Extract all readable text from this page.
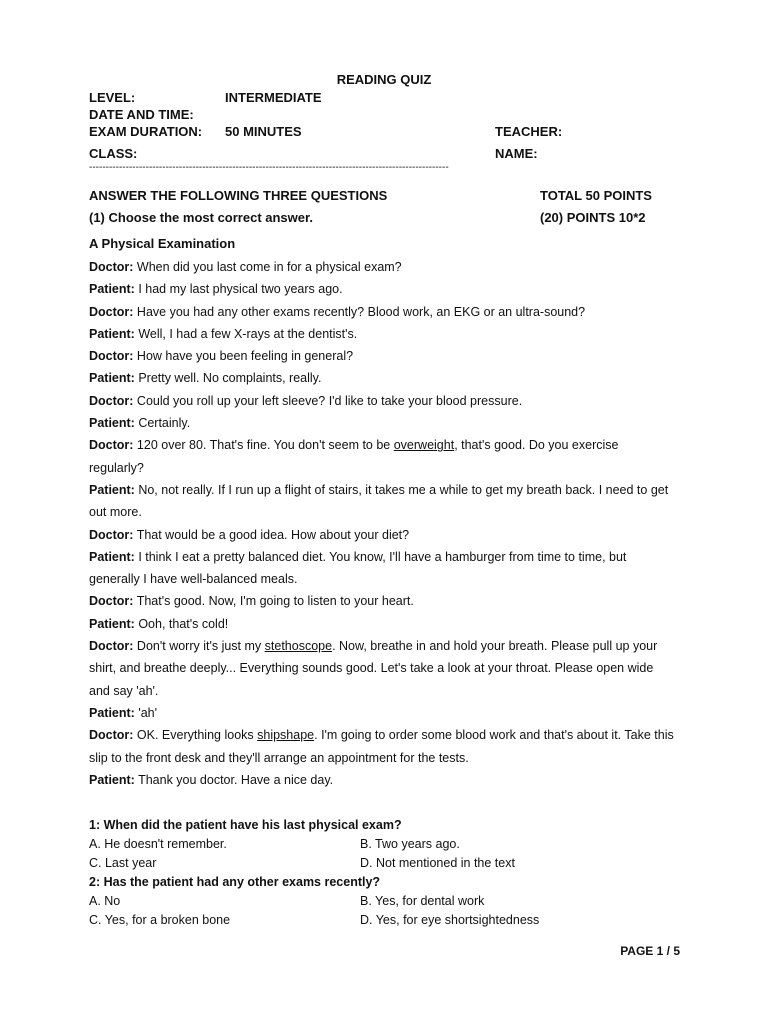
READING QUIZ
LEVEL:	INTERMEDIATE
DATE AND TIME:
EXAM DURATION: 50 MINUTES	TEACHER:
CLASS:	NAME:
------------------------------------------------------------------------------------------------------------
ANSWER THE FOLLOWING THREE QUESTIONS	TOTAL 50 POINTS
(1) Choose the most correct answer.	(20) POINTS 10*2
A Physical Examination
Doctor: When did you last come in for a physical exam?
Patient: I had my last physical two years ago.
Doctor: Have you had any other exams recently? Blood work, an EKG or an ultra-sound?
Patient: Well, I had a few X-rays at the dentist's.
Doctor: How have you been feeling in general?
Patient: Pretty well. No complaints, really.
Doctor: Could you roll up your left sleeve? I'd like to take your blood pressure.
Patient: Certainly.
Doctor: 120 over 80. That's fine. You don't seem to be overweight, that's good. Do you exercise
regularly?
Patient: No, not really. If I run up a flight of stairs, it takes me a while to get my breath back. I need to get
out more.
Doctor: That would be a good idea. How about your diet?
Patient: I think I eat a pretty balanced diet. You know, I'll have a hamburger from time to time, but
generally I have well-balanced meals.
Doctor: That's good. Now, I'm going to listen to your heart.
Patient: Ooh, that's cold!
Doctor: Don't worry it's just my stethoscope. Now, breathe in and hold your breath. Please pull up your
shirt, and breathe deeply... Everything sounds good. Let's take a look at your throat. Please open wide
and say 'ah'.
Patient: 'ah'
Doctor: OK. Everything looks shipshape. I'm going to order some blood work and that's about it. Take this
slip to the front desk and they'll arrange an appointment for the tests.
Patient: Thank you doctor. Have a nice day.
1: When did the patient have his last physical exam?
A. He doesn't remember.	B. Two years ago.
C. Last year	D. Not mentioned in the text
2: Has the patient had any other exams recently?
A. No	B. Yes, for dental work
C. Yes, for a broken bone	D. Yes, for eye shortsightedness
PAGE 1 / 5
